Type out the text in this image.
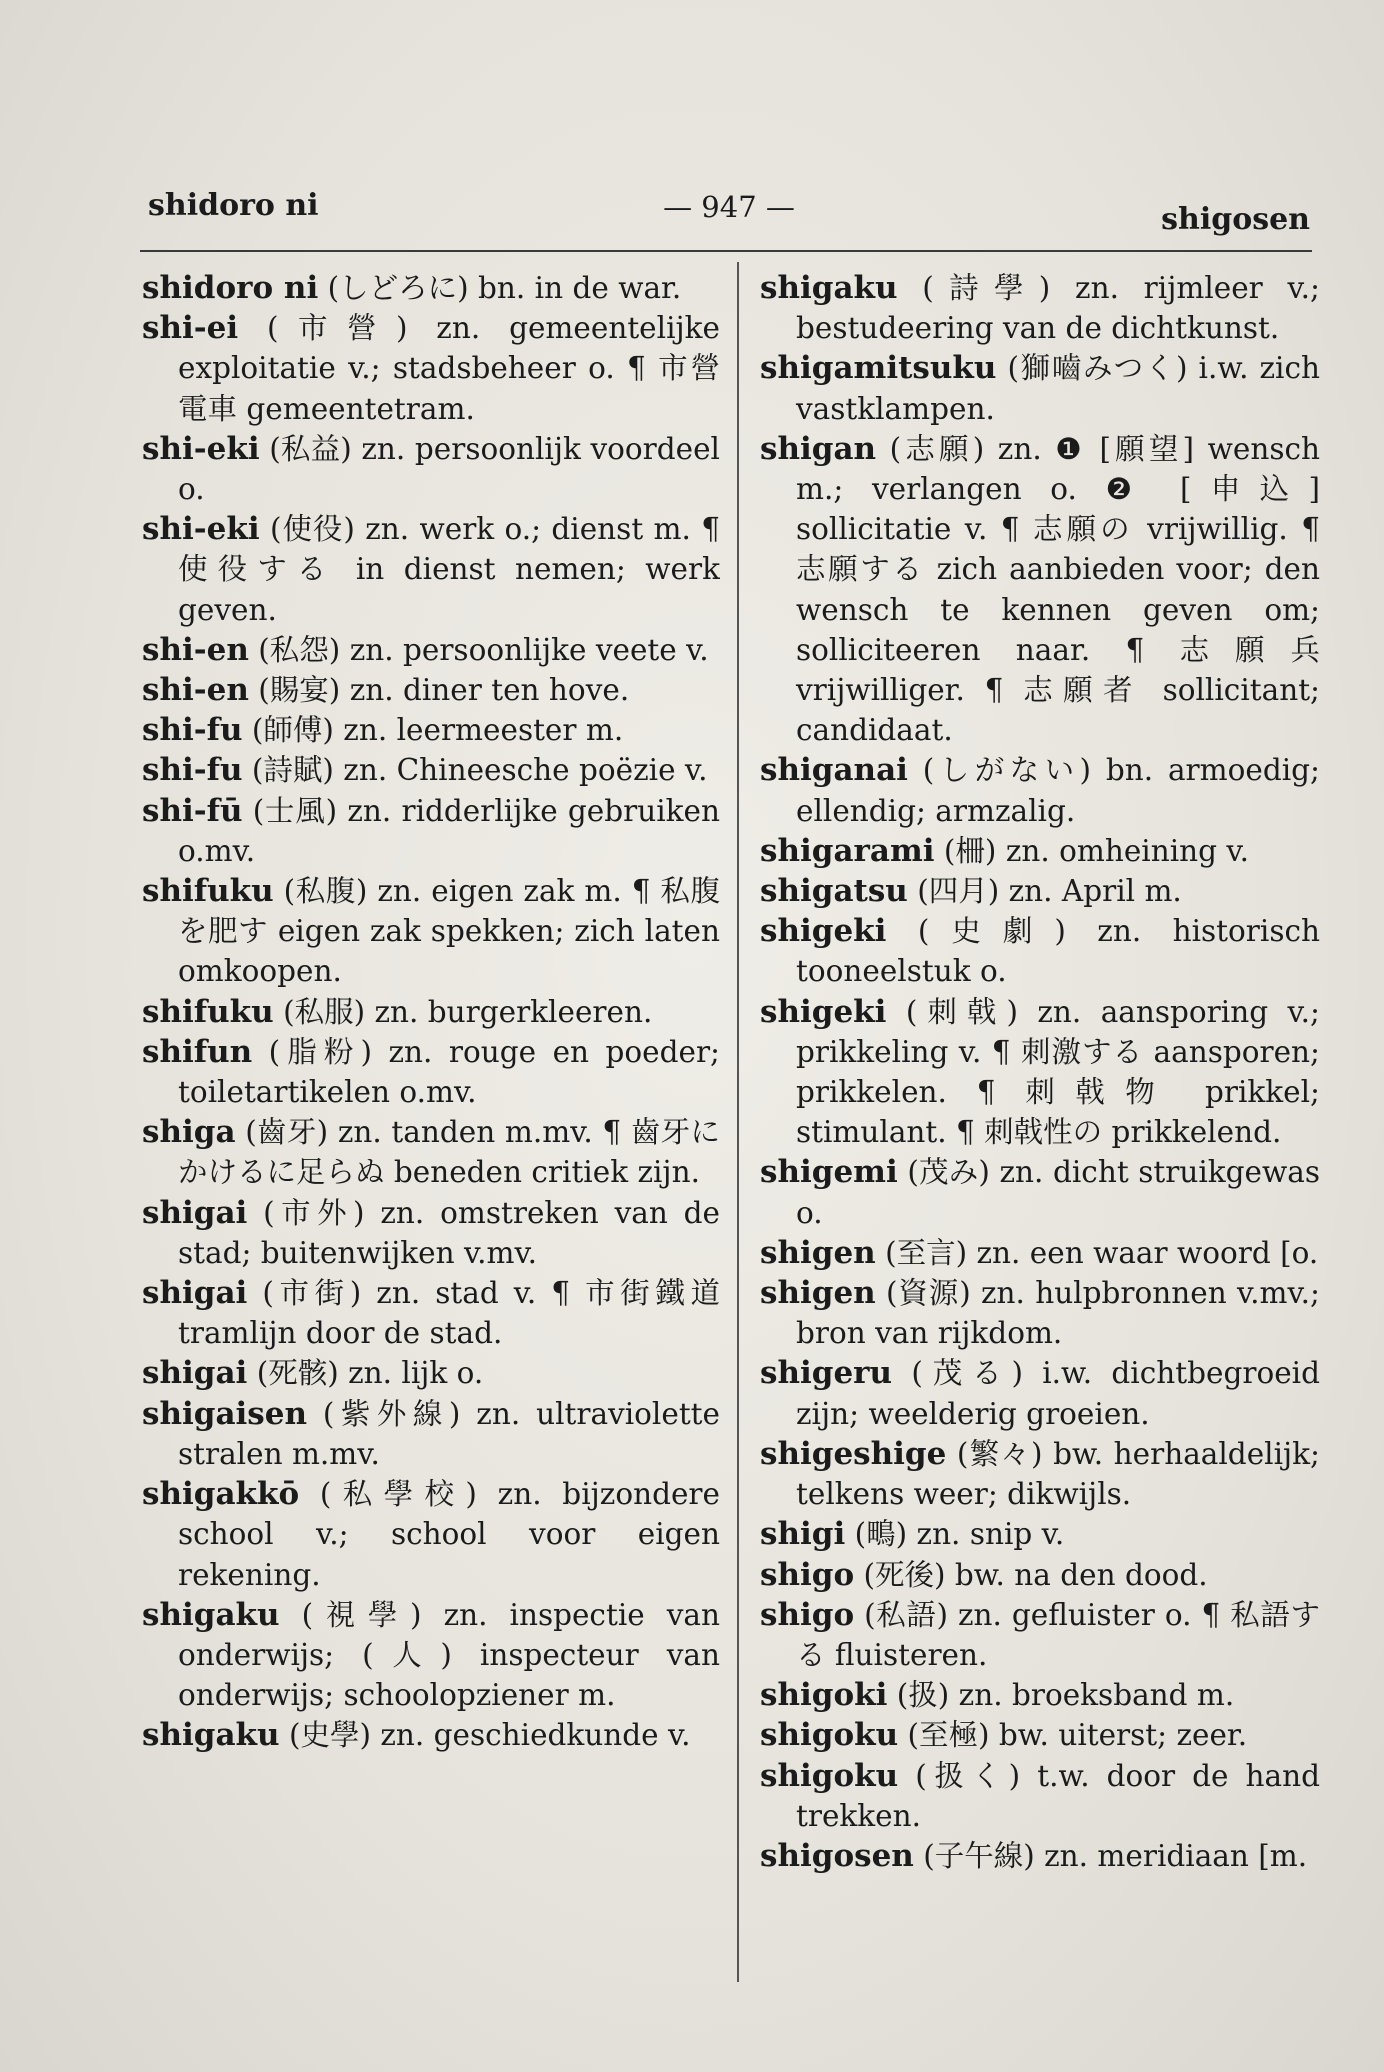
shidoro ni	— 947 —	shigosen

shidoro ni (しどろに) bn. in de war.

shi-ei (市營) zn. gemeentelijke exploitatie v.; stadsbeheer o. ¶ 市營電車 gemeentetram.

shi-eki (私益) zn. persoonlijk voordeel o.

shi-eki (使役) zn. werk o.; dienst m. ¶ 使役する in dienst nemen; werk geven.

shi-en (私怨) zn. persoonlijke veete v.

shi-en (賜宴) zn. diner ten hove.

shi-fu (師傅) zn. leermeester m.

shi-fu (詩賦) zn. Chineesche poëzie v.

shi-fū (士風) zn. ridderlijke gebruiken o.mv.

shifuku (私腹) zn. eigen zak m. ¶ 私腹を肥す eigen zak spekken; zich laten omkoopen.

shifuku (私服) zn. burgerkleeren.

shifun (脂粉) zn. rouge en poeder; toiletartikelen o.mv.

shiga (齒牙) zn. tanden m.mv. ¶ 齒牙にかけるに足らぬ beneden critiek zijn.

shigai (市外) zn. omstreken van de stad; buitenwijken v.mv.

shigai (市街) zn. stad v. ¶ 市街鐵道 tramlijn door de stad.

shigai (死骸) zn. lijk o.

shigaisen (紫外線) zn. ultraviolette stralen m.mv.

shigakkō (私學校) zn. bijzondere school v.; school voor eigen rekening.

shigaku (視學) zn. inspectie van onderwijs; (人) inspecteur van onderwijs; schoolopziener m.

shigaku (史學) zn. geschiedkunde v.

shigaku (詩學) zn. rijmleer v.; bestudeering van de dichtkunst.

shigamitsuku (獅嚙みつく) i.w. zich vastklampen.

shigan (志願) zn. ❶ [願望] wensch m.; verlangen o. ❷ [申込] sollicitatie v. ¶ 志願の vrijwillig. ¶ 志願する zich aanbieden voor; den wensch te kennen geven om; solliciteeren naar. ¶ 志願兵 vrijwilliger. ¶ 志願者 sollicitant; candidaat.

shiganai (しがない) bn. armoedig; ellendig; armzalig.

shigarami (柵) zn. omheining v.

shigatsu (四月) zn. April m.

shigeki (史劇) zn. historisch tooneelstuk o.

shigeki (刺戟) zn. aansporing v.; prikkeling v. ¶ 刺激する aansporen; prikkelen. ¶ 刺戟物 prikkel; stimulant. ¶ 刺戟性の prikkelend.

shigemi (茂み) zn. dicht struikgewas o.

shigen (至言) zn. een waar woord [o.

shigen (資源) zn. hulpbronnen v.mv.; bron van rijkdom.

shigeru (茂る) i.w. dichtbegroeid zijn; weelderig groeien.

shigeshige (繁々) bw. herhaaldelijk; telkens weer; dikwijls.

shigi (鴫) zn. snip v.

shigo (死後) bw. na den dood.

shigo (私語) zn. gefluister o. ¶ 私語する fluisteren.

shigoki (扱) zn. broeksband m.

shigoku (至極) bw. uiterst; zeer.

shigoku (扱く) t.w. door de hand trekken.

shigosen (子午線) zn. meridiaan [m.
